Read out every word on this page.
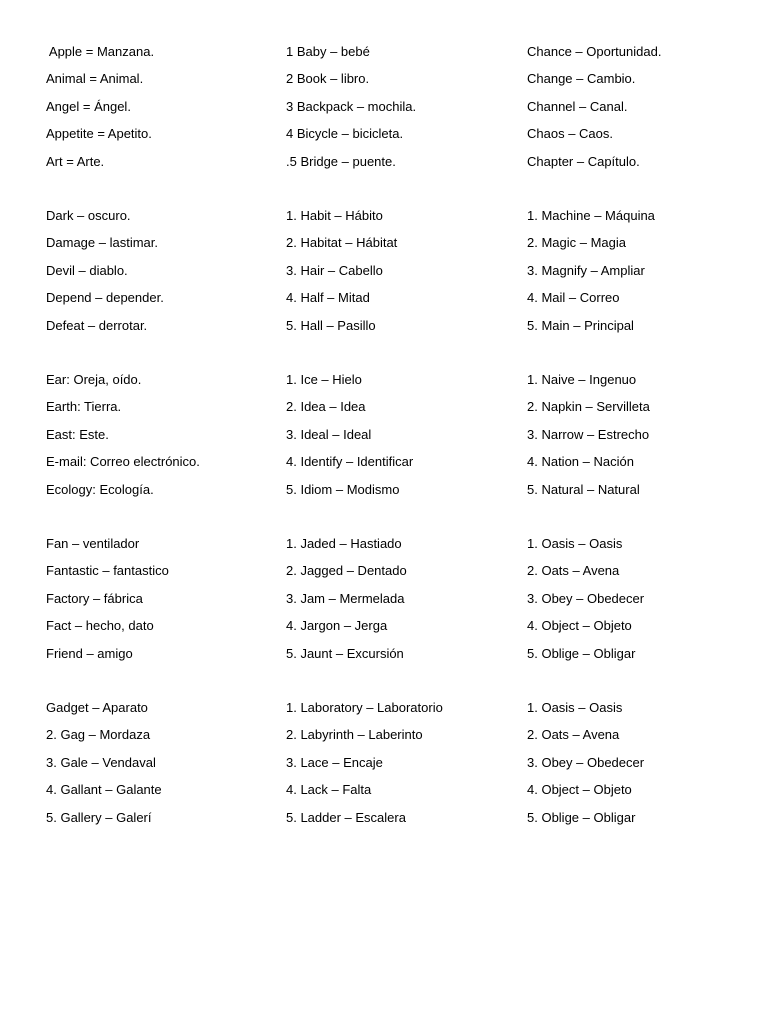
Apple = Manzana.
Animal = Animal.
Angel = Ángel.
Appetite = Apetito.
Art = Arte.
1 Baby – bebé
2 Book – libro.
3 Backpack – mochila.
4 Bicycle – bicicleta.
.5 Bridge – puente.
Chance – Oportunidad.
Change – Cambio.
Channel – Canal.
Chaos – Caos.
Chapter – Capítulo.
Dark – oscuro.
Damage – lastimar.
Devil – diablo.
Depend – depender.
Defeat – derrotar.
1. Habit – Hábito
2. Habitat – Hábitat
3. Hair – Cabello
4. Half – Mitad
5. Hall – Pasillo
1. Machine – Máquina
2. Magic – Magia
3. Magnify – Ampliar
4. Mail – Correo
5. Main – Principal
Ear: Oreja, oído.
Earth: Tierra.
East: Este.
E-mail: Correo electrónico.
Ecology: Ecología.
1. Ice – Hielo
2. Idea – Idea
3. Ideal – Ideal
4. Identify – Identificar
5. Idiom – Modismo
1. Naive – Ingenuo
2. Napkin – Servilleta
3. Narrow – Estrecho
4. Nation – Nación
5. Natural – Natural
Fan – ventilador
Fantastic – fantastico
Factory – fábrica
Fact – hecho, dato
Friend – amigo
1. Jaded – Hastiado
2. Jagged – Dentado
3. Jam – Mermelada
4. Jargon – Jerga
5. Jaunt – Excursión
1. Oasis – Oasis
2. Oats – Avena
3. Obey – Obedecer
4. Object – Objeto
5. Oblige – Obligar
Gadget – Aparato
2. Gag – Mordaza
3. Gale – Vendaval
4. Gallant – Galante
5. Gallery – Galerí
1. Laboratory – Laboratorio
2. Labyrinth – Laberinto
3. Lace – Encaje
4. Lack – Falta
5. Ladder – Escalera
1. Oasis – Oasis
2. Oats – Avena
3. Obey – Obedecer
4. Object – Objeto
5. Oblige – Obligar
